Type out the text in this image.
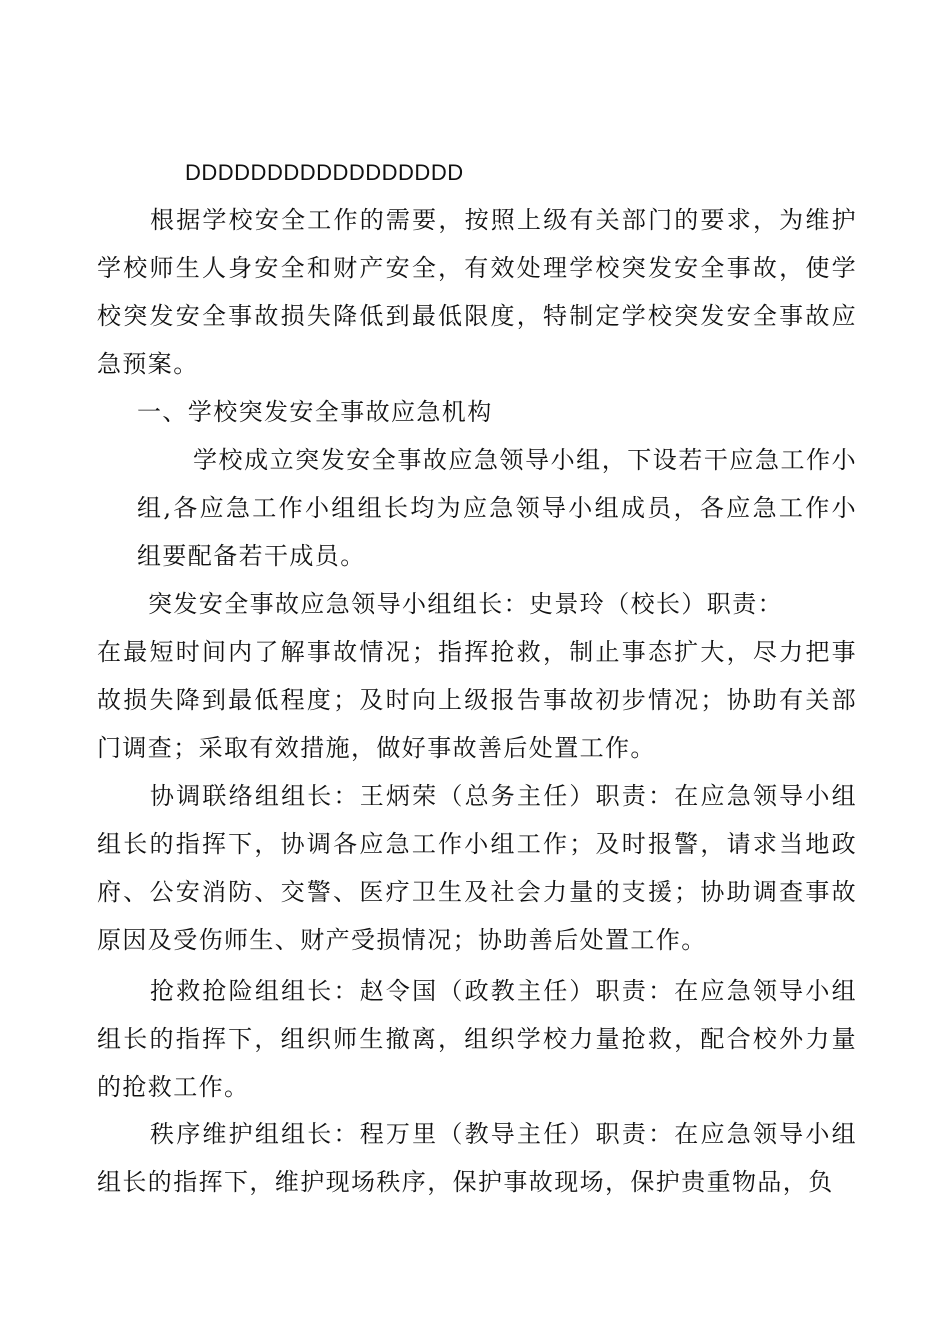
DDDDDDDDDDDDDDDDD

根据学校安全工作的需要，按照上级有关部门的要求，为维护学校师生人身安全和财产安全，有效处理学校突发安全事故，使学校突发安全事故损失降低到最低限度，特制定学校突发安全事故应急预案。

一、学校突发安全事故应急机构

学校成立突发安全事故应急领导小组，下设若干应急工作小组,各应急工作小组组长均为应急领导小组成员，各应急工作小组要配备若干成员。

突发安全事故应急领导小组组长：史景玲（校长）职责：

在最短时间内了解事故情况；指挥抢救，制止事态扩大，尽力把事故损失降到最低程度；及时向上级报告事故初步情况；协助有关部门调查；采取有效措施，做好事故善后处置工作。

协调联络组组长：王炳荣（总务主任）职责：在应急领导小组组长的指挥下，协调各应急工作小组工作；及时报警，请求当地政府、公安消防、交警、医疗卫生及社会力量的支援；协助调查事故原因及受伤师生、财产受损情况；协助善后处置工作。

抢救抢险组组长：赵令国（政教主任）职责：在应急领导小组组长的指挥下，组织师生撤离，组织学校力量抢救，配合校外力量的抢救工作。

秩序维护组组长：程万里（教导主任）职责：在应急领导小组组长的指挥下，维护现场秩序，保护事故现场，保护贵重物品，负
